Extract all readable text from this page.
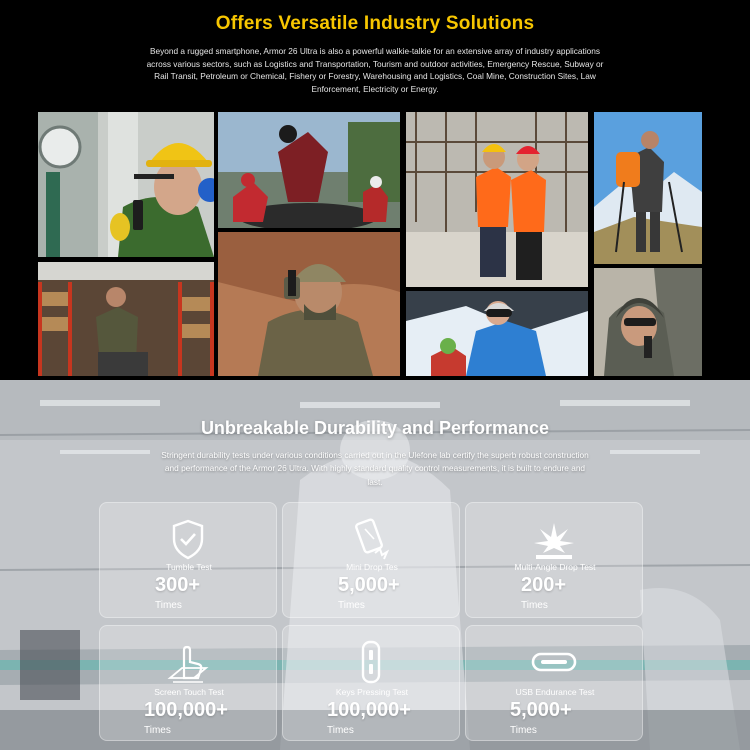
Offers Versatile Industry Solutions

Beyond a rugged smartphone, Armor 26 Ultra is also a powerful walkie-talkie for an extensive array of industry applications across various sectors, such as Logistics and Transportation, Tourism and outdoor activities, Emergency Rescue, Subway or Rail Transit, Petroleum or Chemical, Fishery or Forestry, Warehousing and Logistics, Coal Mine, Construction Sites, Law Enforcement, Electricity or Energy.

Unbreakable Durability and Performance

Stringent durability tests under various conditions carried out in the Ulefone lab certify the superb robust construction and performance of the Armor 26 Ultra. With highly standard quality control measurements, it is built to endure and last.

Tumble Test
300+
Times
Mini Drop Tes
5,000+
Times
Multi-Angle Drop Test
200+
Times
Screen Touch Test
100,000+
Times
Keys Pressing Test
100,000+
Times
USB Endurance Test
5,000+
Times
